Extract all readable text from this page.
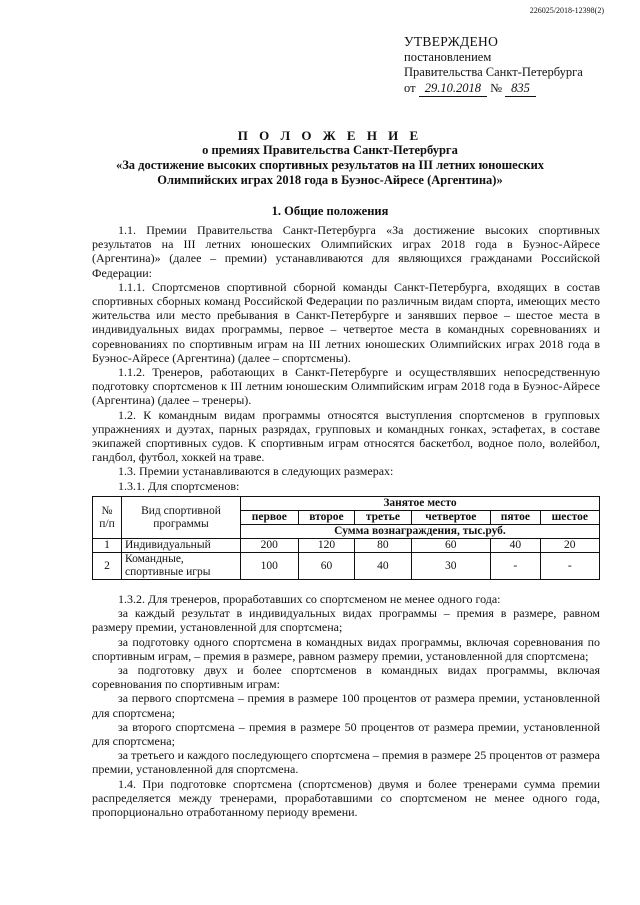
226025/2018-12398(2)
УТВЕРЖДЕНО
постановлением
Правительства Санкт-Петербурга
от 29.10.2018 № 835
П О Л О Ж Е Н И Е
о премиях Правительства Санкт-Петербурга
«За достижение высоких спортивных результатов на III летних юношеских
Олимпийских играх 2018 года в Буэнос-Айресе (Аргентина)»
1. Общие положения

1.1. Премии Правительства Санкт-Петербурга «За достижение высоких спортивных результатов на III летних юношеских Олимпийских играх 2018 года в Буэнос-Айресе (Аргентина)» (далее – премии) устанавливаются для являющихся гражданами Российской Федерации:

1.1.1. Спортсменов спортивной сборной команды Санкт-Петербурга, входящих в состав спортивных сборных команд Российской Федерации по различным видам спорта, имеющих место жительства или место пребывания в Санкт-Петербурге и занявших первое – шестое места в индивидуальных видах программы, первое – четвертое места в командных соревнованиях и соревнованиях по спортивным играм на III летних юношеских Олимпийских играх 2018 года в Буэнос-Айресе (Аргентина) (далее – спортсмены).

1.1.2. Тренеров, работающих в Санкт-Петербурге и осуществлявших непосредственную подготовку спортсменов к III летним юношеским Олимпийским играм 2018 года в Буэнос-Айресе (Аргентина) (далее – тренеры).

1.2. К командным видам программы относятся выступления спортсменов в групповых упражнениях и дуэтах, парных разрядах, групповых и командных гонках, эстафетах, в составе экипажей спортивных судов. К спортивным играм относятся баскетбол, водное поло, волейбол, гандбол, футбол, хоккей на траве.

1.3. Премии устанавливаются в следующих размерах:

1.3.1. Для спортсменов:

№ п/п	Вид спортивной программы	Занятое место					
		первое	второе	третье	четвертое	пятое	шестое
		Сумма вознаграждения, тыс.руб.					
1	Индивидуальный	200	120	80	60	40	20
2	Командные, спортивные игры	100	60	40	30	-	-

1.3.2. Для тренеров, проработавших со спортсменом не менее одного года:

за каждый результат в индивидуальных видах программы – премия в размере, равном размеру премии, установленной для спортсмена;

за подготовку одного спортсмена в командных видах программы, включая соревнования по спортивным играм, – премия в размере, равном размеру премии, установленной для спортсмена;

за подготовку двух и более спортсменов в командных видах программы, включая соревнования по спортивным играм:

за первого спортсмена – премия в размере 100 процентов от размера премии, установленной для спортсмена;

за второго спортсмена – премия в размере 50 процентов от размера премии, установленной для спортсмена;

за третьего и каждого последующего спортсмена – премия в размере 25 процентов от размера премии, установленной для спортсмена.

1.4. При подготовке спортсмена (спортсменов) двумя и более тренерами сумма премии распределяется между тренерами, проработавшими со спортсменом не менее одного года, пропорционально отработанному периоду времени.
